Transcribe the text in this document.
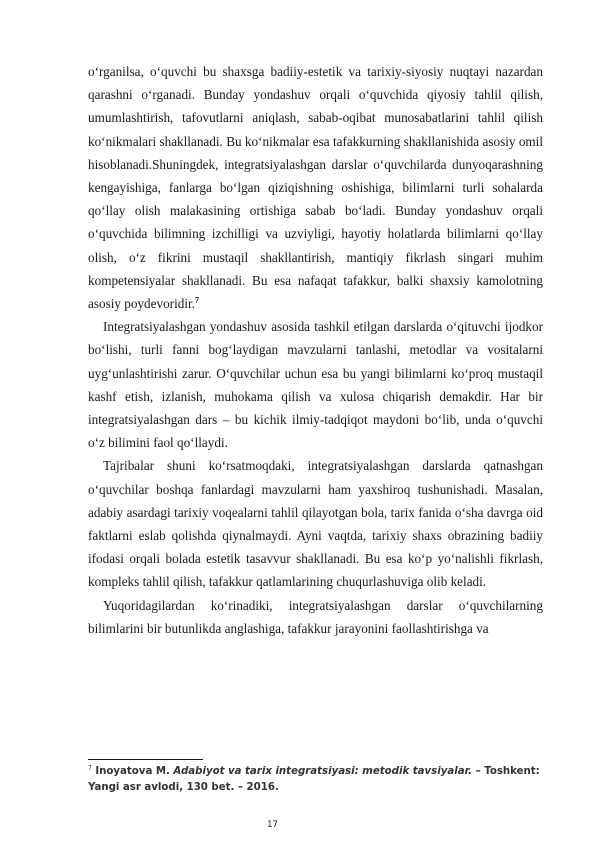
o‘rganilsa, o‘quvchi bu shaxsga badiiy-estetik va tarixiy-siyosiy nuqtayi nazardan qarashni o‘rganadi. Bunday yondashuv orqali o‘quvchida qiyosiy tahlil qilish, umumlashtirish, tafovutlarni aniqlash, sabab-oqibat munosabatlarini tahlil qilish ko‘nikmalari shakllanadi. Bu ko‘nikmalar esa tafakkurning shakllanishida asosiy omil hisoblanadi.Shuningdek, integratsiyalashgan darslar o‘quvchilarda dunyoqarashning kengayishiga, fanlarga bo‘lgan qiziqishning oshishiga, bilimlarni turli sohalarda qo‘llay olish malakasining ortishiga sabab bo‘ladi. Bunday yondashuv orqali o‘quvchida bilimning izchilligi va uzviyligi, hayotiy holatlarda bilimlarni qo‘llay olish, o‘z fikrini mustaqil shakllantirish, mantiqiy fikrlash singari muhim kompetensiyalar shakllanadi. Bu esa nafaqat tafakkur, balki shaxsiy kamolotning asosiy poydevoridir.$^7$

Integratsiyalashgan yondashuv asosida tashkil etilgan darslarda o‘qituvchi ijodkor bo‘lishi, turli fanni bog‘laydigan mavzularni tanlashi, metodlar va vositalarni uyg‘unlashtirishi zarur. O‘quvchilar uchun esa bu yangi bilimlarni ko‘proq mustaqil kashf etish, izlanish, muhokama qilish va xulosa chiqarish demakdir. Har bir integratsiyalashgan dars – bu kichik ilmiy-tadqiqot maydoni bo‘lib, unda o‘quvchi o‘z bilimini faol qo‘llaydi.

Tajribalar shuni ko‘rsatmoqdaki, integratsiyalashgan darslarda qatnashgan o‘quvchilar boshqa fanlardagi mavzularni ham yaxshiroq tushunishadi. Masalan, adabiy asardagi tarixiy voqealarni tahlil qilayotgan bola, tarix fanida o‘sha davrga oid faktlarni eslab qolishda qiynalmaydi. Ayni vaqtda, tarixiy shaxs obrazining badiiy ifodasi orqali bolada estetik tasavvur shakllanadi. Bu esa ko‘p yo‘nalishli fikrlash, kompleks tahlil qilish, tafakkur qatlamlarining chuqurlashuviga olib keladi.

Yuqoridagilardan ko‘rinadiki, integratsiyalashgan darslar o‘quvchilarning bilimlarini bir butunlikda anglashiga, tafakkur jarayonini faollashtirishga va

$^7$ Inoyatova M. Adabiyot va tarix integratsiyasi: metodik tavsiyalar. – Toshkent: Yangi asr avlodi, 130 bet. – 2016.
17
